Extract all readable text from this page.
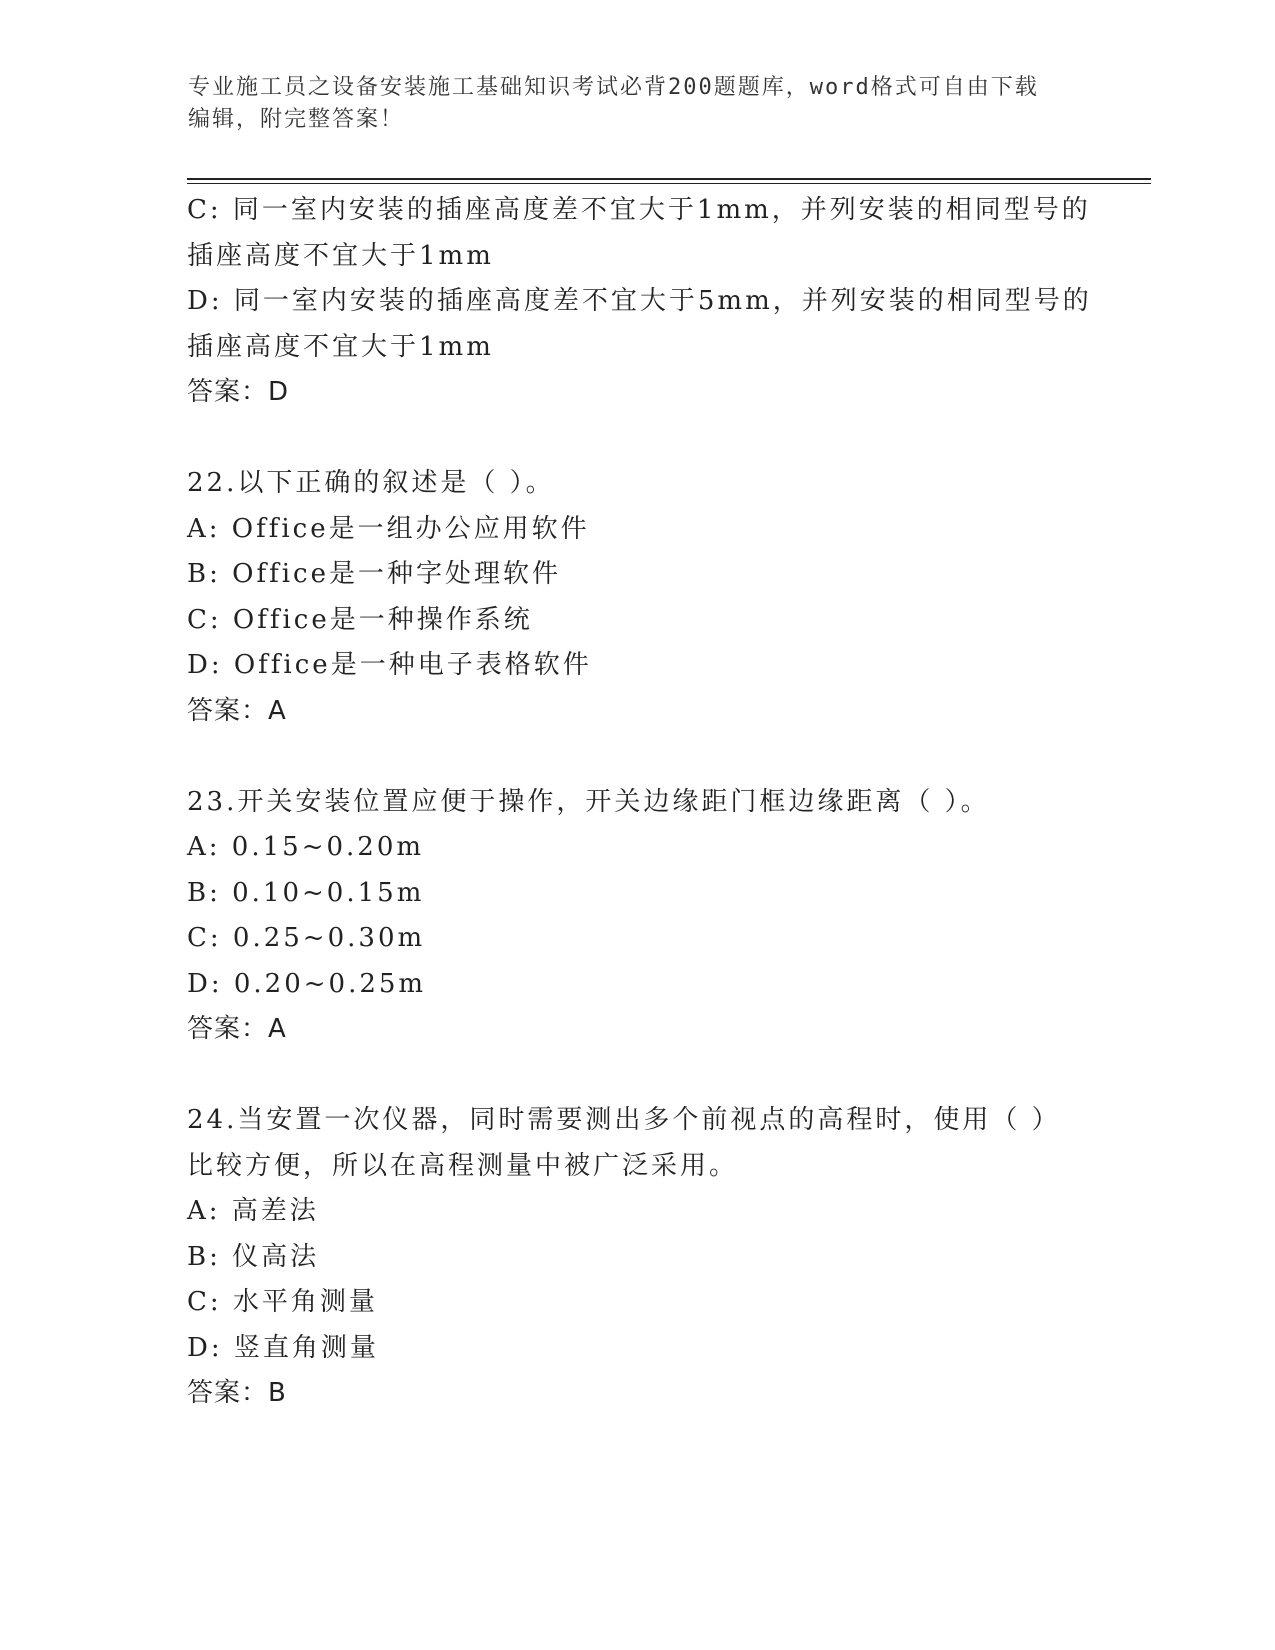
专业施工员之设备安装施工基础知识考试必背200题题库，word格式可自由下载
编辑，附完整答案！
C: 同一室内安装的插座高度差不宜大于1mm，并列安装的相同型号的
插座高度不宜大于1mm
D: 同一室内安装的插座高度差不宜大于5mm，并列安装的相同型号的
插座高度不宜大于1mm
答案：D
22.以下正确的叙述是（ ）。
A: Office是一组办公应用软件
B: Office是一种字处理软件
C: Office是一种操作系统
D: Office是一种电子表格软件
答案：A
23.开关安装位置应便于操作，开关边缘距门框边缘距离（ ）。
A: 0.15~0.20m
B: 0.10~0.15m
C: 0.25~0.30m
D: 0.20~0.25m
答案：A
24.当安置一次仪器，同时需要测出多个前视点的高程时，使用（ ）
比较方便，所以在高程测量中被广泛采用。
A: 高差法
B: 仪高法
C: 水平角测量
D: 竖直角测量
答案：B
